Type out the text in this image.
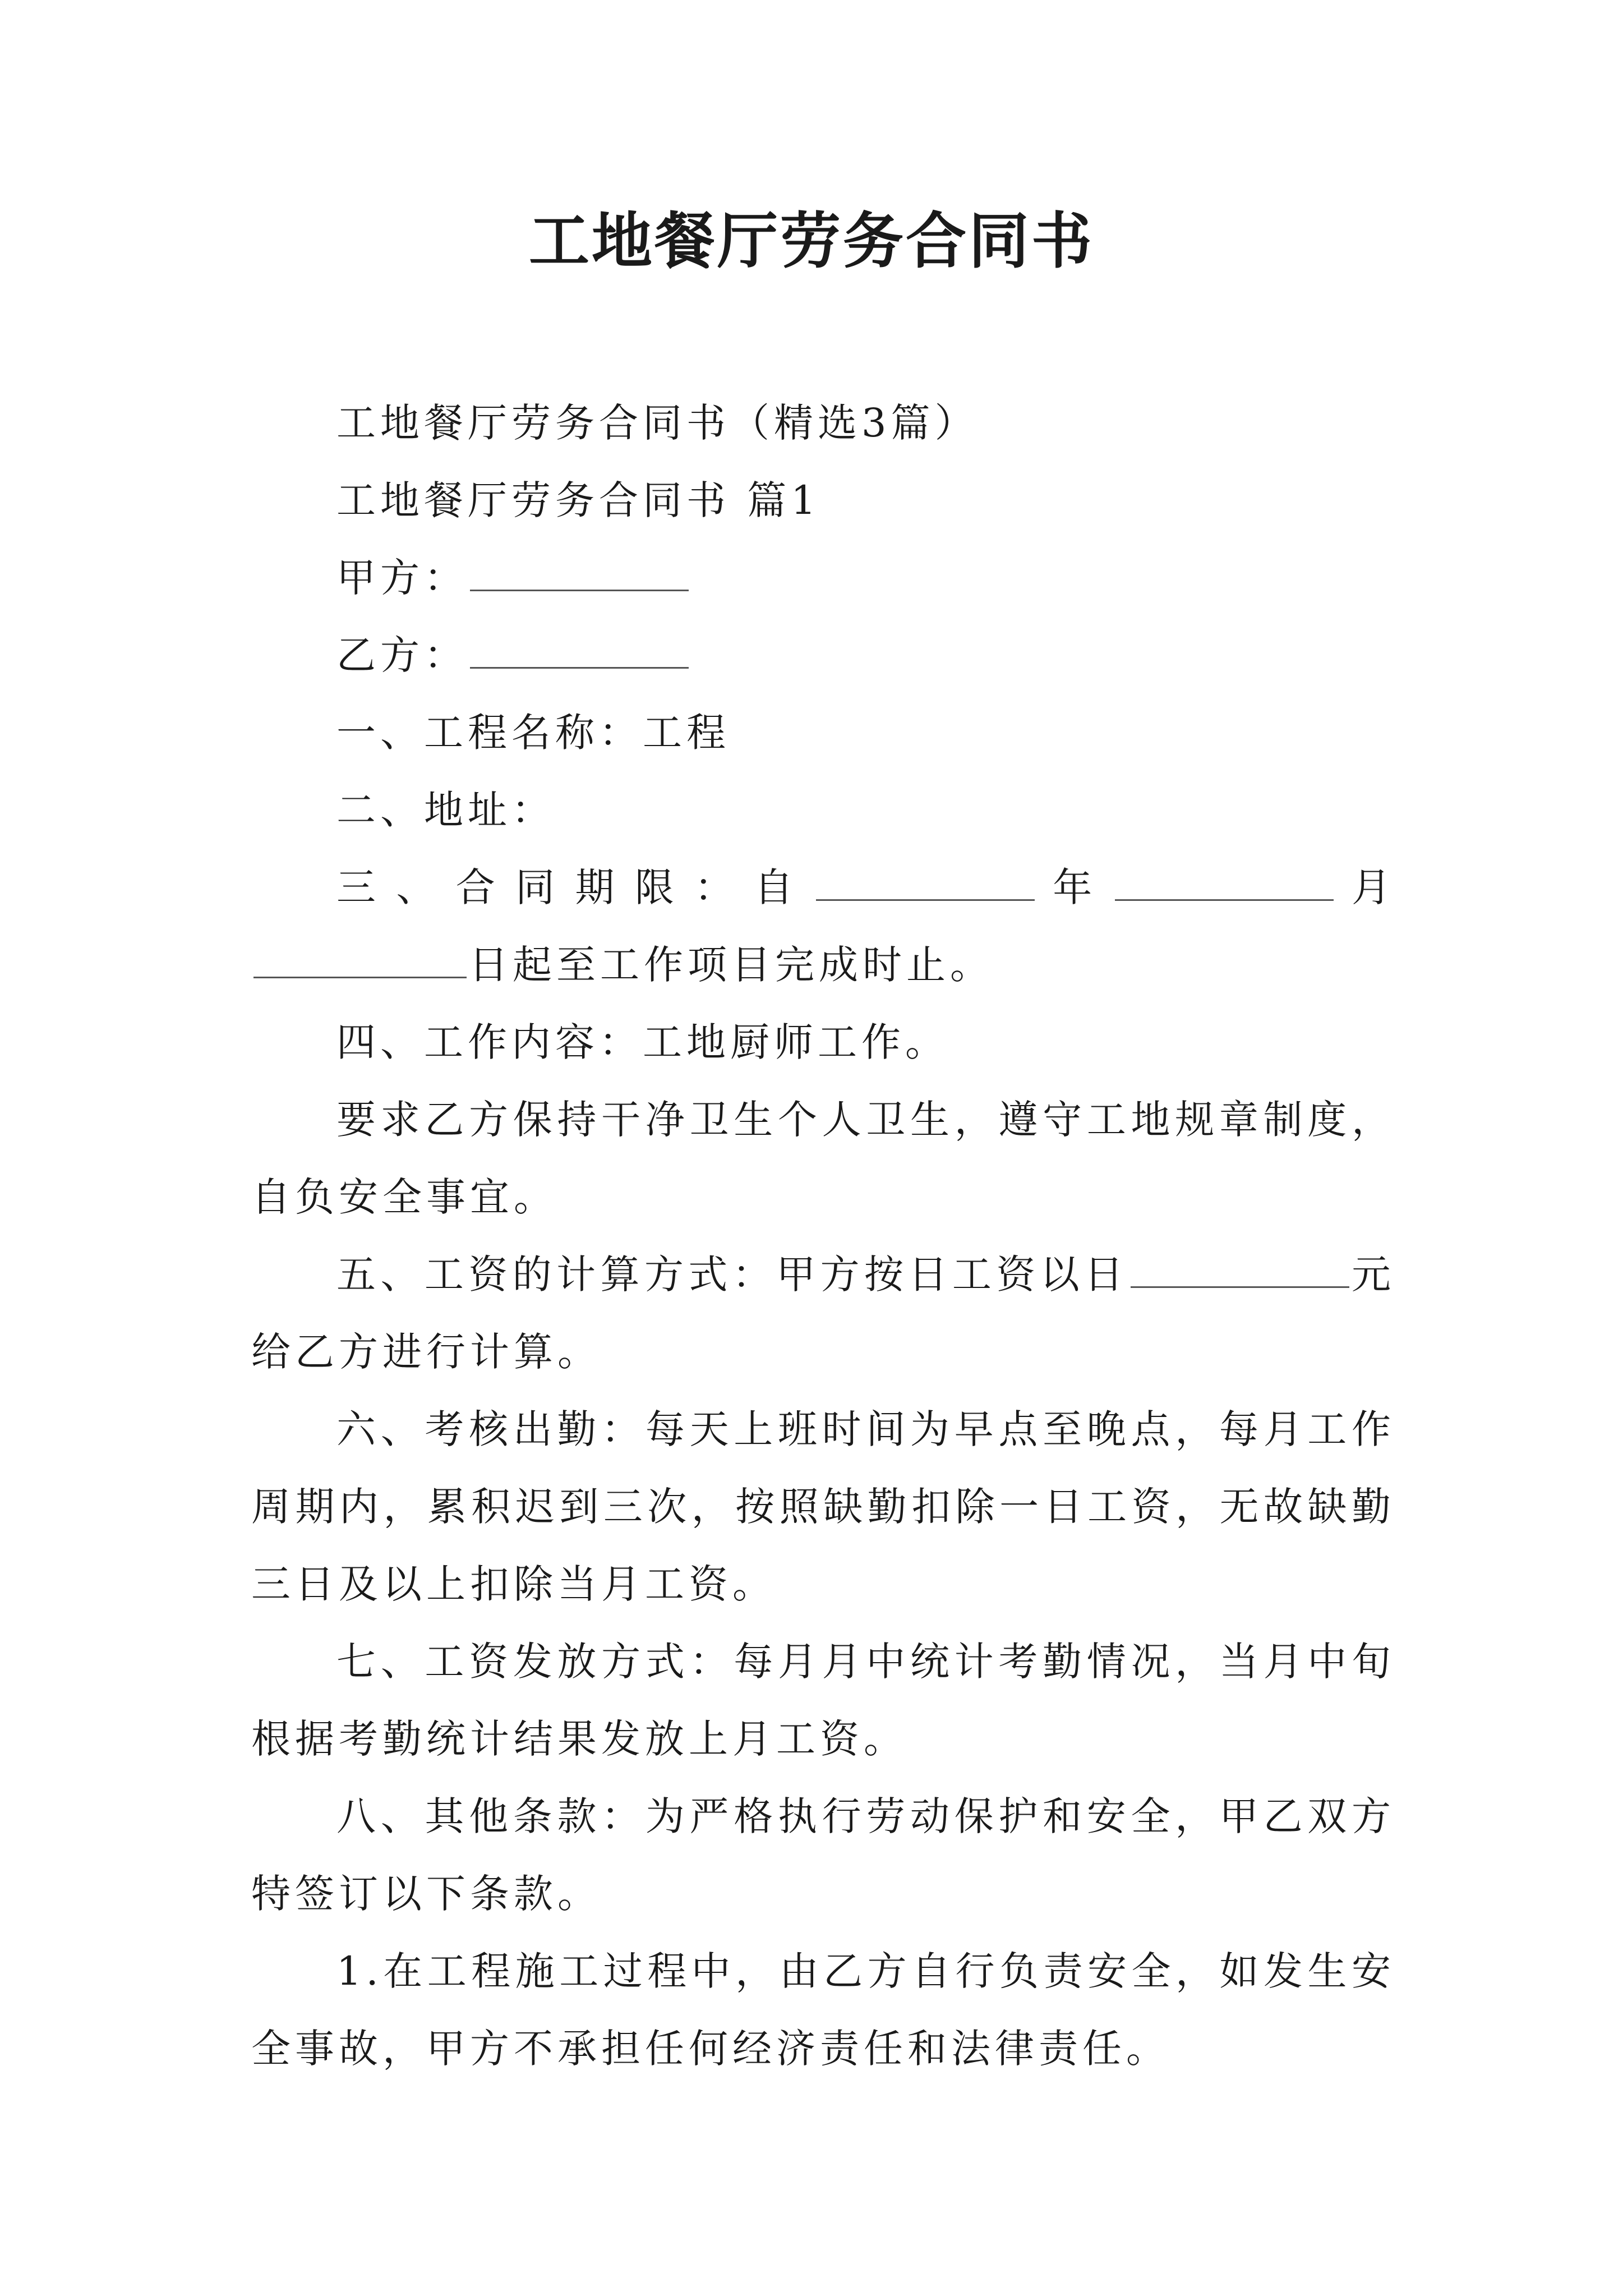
工地餐厅劳务合同书

工地餐厅劳务合同书（精选3篇）

工地餐厅劳务合同书 篇1

甲方：

乙方：

一、工程名称：工程

二、地址：

三、合同期限：自	年	月日起至工作项目完成时止。

四、工作内容：工地厨师工作。

要求乙方保持干净卫生个人卫生，遵守工地规章制度，自负安全事宜。

五、工资的计算方式：甲方按日工资以日	元给乙方进行计算。

六、考核出勤：每天上班时间为早点至晚点，每月工作周期内，累积迟到三次，按照缺勤扣除一日工资，无故缺勤三日及以上扣除当月工资。

七、工资发放方式：每月月中统计考勤情况，当月中旬根据考勤统计结果发放上月工资。

八、其他条款：为严格执行劳动保护和安全，甲乙双方特签订以下条款。

1.在工程施工过程中，由乙方自行负责安全，如发生安全事故，甲方不承担任何经济责任和法律责任。
